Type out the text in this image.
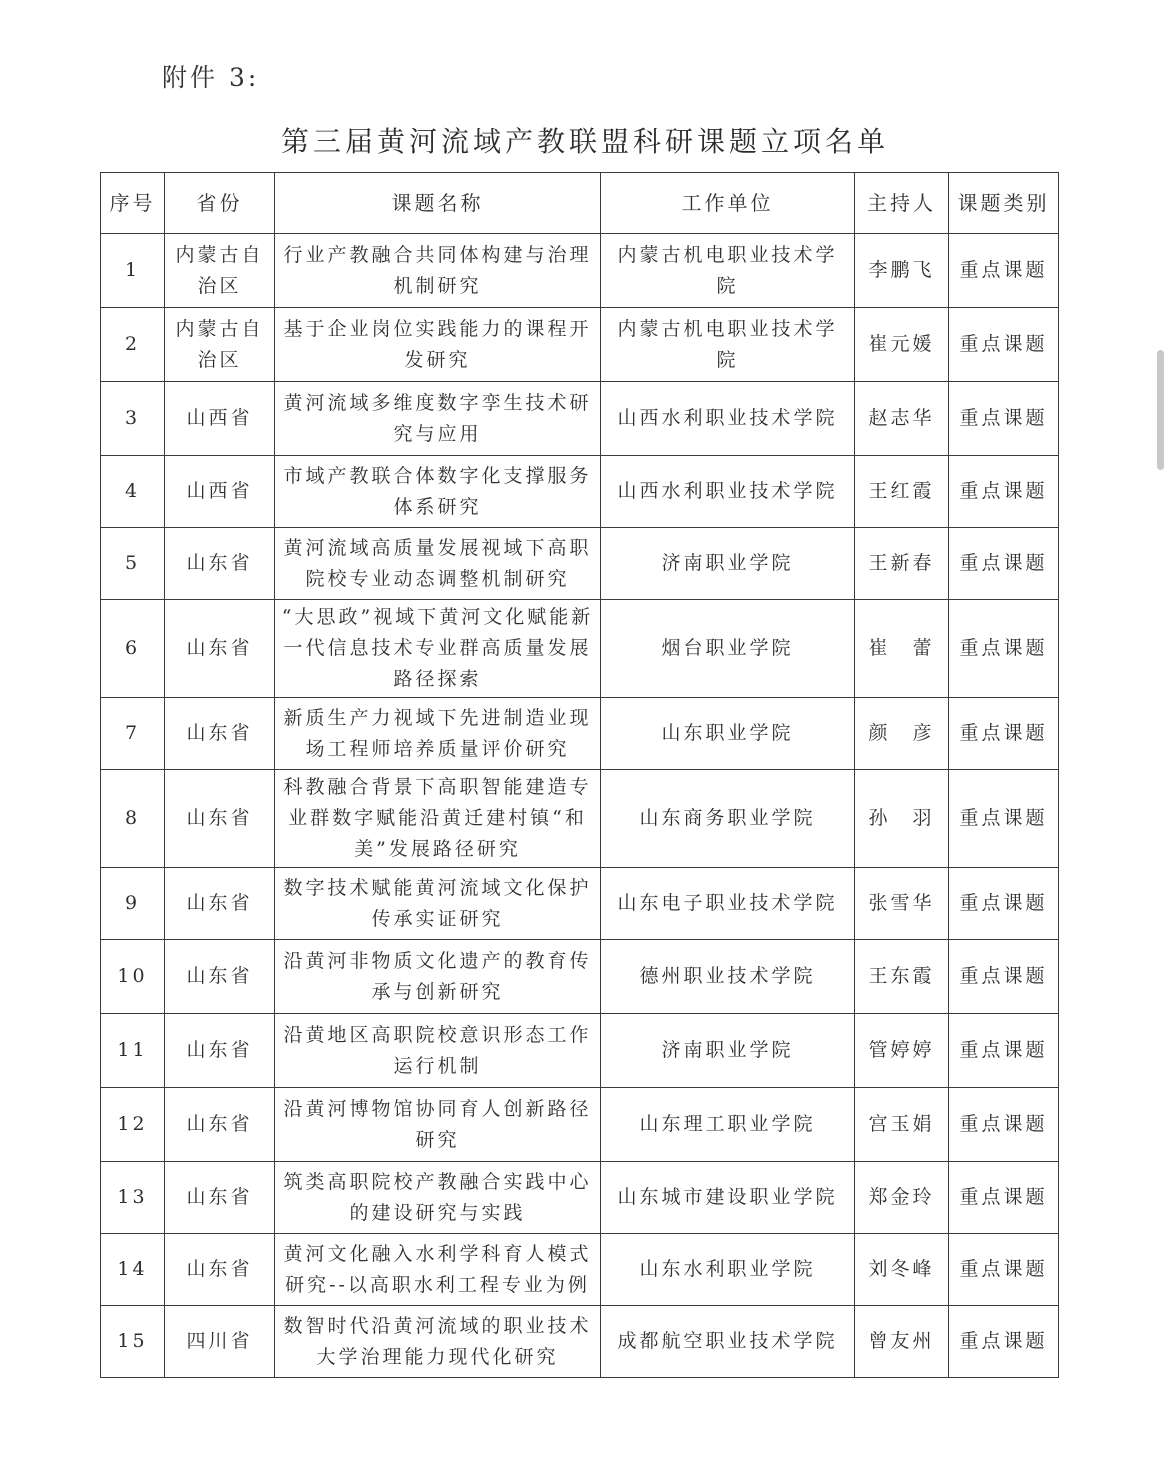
附件 3:
第三届黄河流域产教联盟科研课题立项名单
序号	省份	课题名称	工作单位	主持人	课题类别
1	内蒙古自治区	行业产教融合共同体构建与治理机制研究	内蒙古机电职业技术学院	李鹏飞	重点课题
2	内蒙古自治区	基于企业岗位实践能力的课程开发研究	内蒙古机电职业技术学院	崔元媛	重点课题
3	山西省	黄河流域多维度数字孪生技术研究与应用	山西水利职业技术学院	赵志华	重点课题
4	山西省	市域产教联合体数字化支撑服务体系研究	山西水利职业技术学院	王红霞	重点课题
5	山东省	黄河流域高质量发展视域下高职院校专业动态调整机制研究	济南职业学院	王新春	重点课题
6	山东省	“大思政”视域下黄河文化赋能新一代信息技术专业群高质量发展路径探索	烟台职业学院	崔　蕾	重点课题
7	山东省	新质生产力视域下先进制造业现场工程师培养质量评价研究	山东职业学院	颜　彦	重点课题
8	山东省	科教融合背景下高职智能建造专业群数字赋能沿黄迁建村镇“和美”发展路径研究	山东商务职业学院	孙　羽	重点课题
9	山东省	数字技术赋能黄河流域文化保护传承实证研究	山东电子职业技术学院	张雪华	重点课题
10	山东省	沿黄河非物质文化遗产的教育传承与创新研究	德州职业技术学院	王东霞	重点课题
11	山东省	沿黄地区高职院校意识形态工作运行机制	济南职业学院	管婷婷	重点课题
12	山东省	沿黄河博物馆协同育人创新路径研究	山东理工职业学院	宫玉娟	重点课题
13	山东省	筑类高职院校产教融合实践中心的建设研究与实践	山东城市建设职业学院	郑金玲	重点课题
14	山东省	黄河文化融入水利学科育人模式研究--以高职水利工程专业为例	山东水利职业学院	刘冬峰	重点课题
15	四川省	数智时代沿黄河流域的职业技术大学治理能力现代化研究	成都航空职业技术学院	曾友州	重点课题
